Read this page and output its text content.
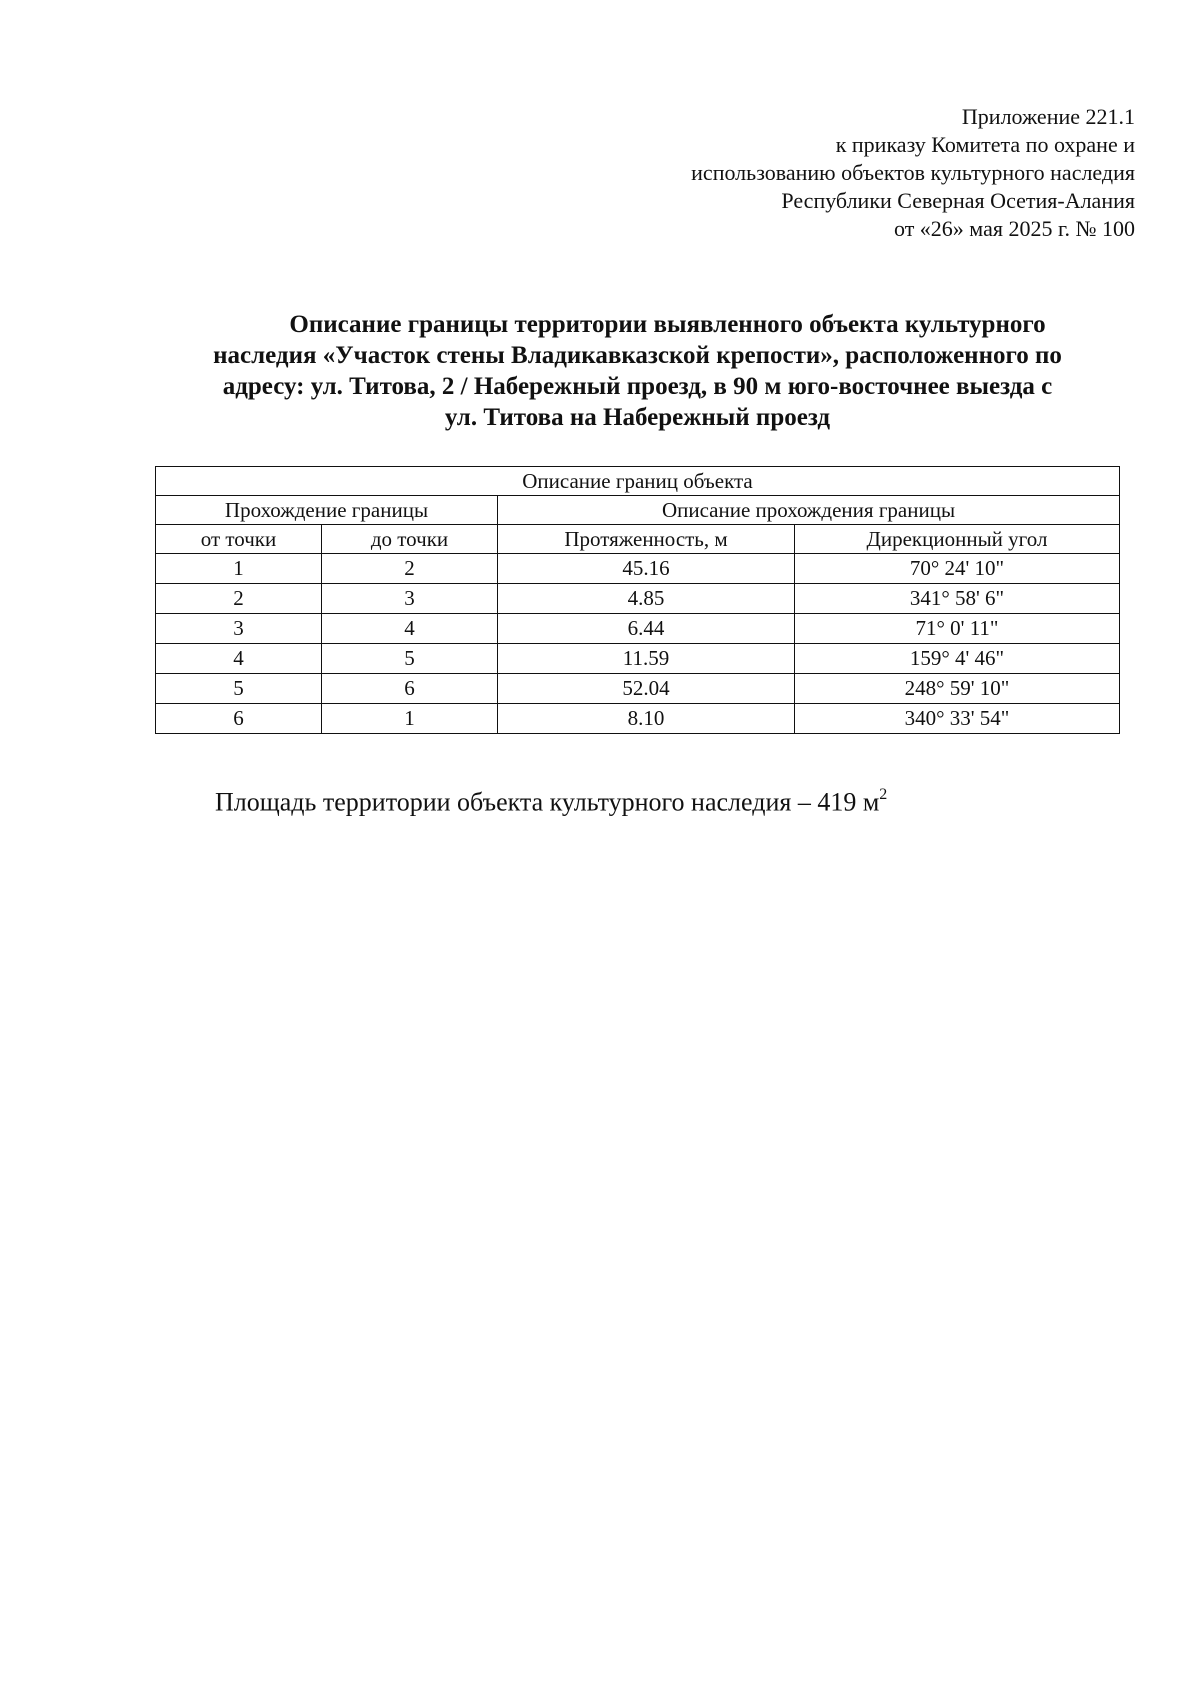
Приложение 221.1
к приказу Комитета по охране и
использованию объектов культурного наследия
Республики Северная Осетия-Алания
от «26» мая 2025 г. № 100
Описание границы территории выявленного объекта культурного
наследия «Участок стены Владикавказской крепости», расположенного по
адресу: ул. Титова, 2 / Набережный проезд, в 90 м юго-восточнее выезда с
ул. Титова на Набережный проезд
Описание границ объекта			
Прохождение границы		Описание прохождения границы	
от точки	до точки	Протяженность, м	Дирекционный угол
1	2	45.16	70° 24' 10"
2	3	4.85	341° 58' 6"
3	4	6.44	71° 0' 11"
4	5	11.59	159° 4' 46"
5	6	52.04	248° 59' 10"
6	1	8.10	340° 33' 54"
Площадь территории объекта культурного наследия – 419 $м^2$
